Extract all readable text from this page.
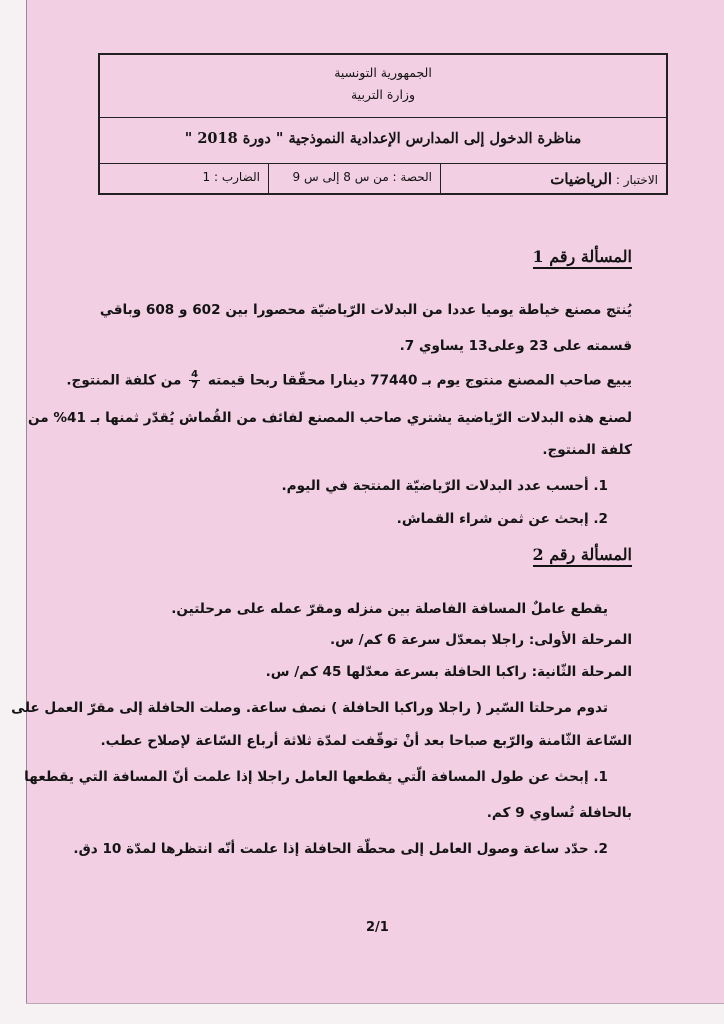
الجمهورية التونسية
وزارة التربية
مناظرة الدخول إلى المدارس الإعدادية النموذجية " دورة 2018 "
الاختبار : الرياضيات
الحصة : من س 8 إلى س 9
الضارب : 1
المسألة رقم 1
يُنتج مصنع خياطة يوميا عددا من البدلات الرّياضيّة محصورا بين 602 و 608 وباقي
قسمته على 23 وعلى13 يساوي 7.
يبيع صاحب المصنع منتوج يوم بـ 77440 دينارا محقّقا ربحا قيمته
$\frac{4}{7}$
من كلفة المنتوج.
لصنع هذه البدلات الرّياضية يشتري صاحب المصنع لفائف من القُماش يُقدّر ثمنها بـ 41% من
كلفة المنتوج.
1. أحسب عدد البدلات الرّياضيّة المنتجة في اليوم.
2. إبحث عن ثمن شراء القماش.
المسألة رقم 2
يقطع عاملٌ المسافة الفاصلة بين منزله ومقرّ عمله على مرحلتين.
المرحلة الأولى: راجلا بمعدّل سرعة 6 كم/ س.
المرحلة الثّانية: راكبا الحافلة بسرعة معدّلها 45 كم/ س.
تدوم مرحلتا السّير ( راجلا وراكبا الحافلة ) نصف ساعة. وصلت الحافلة إلى مقرّ العمل على
السّاعة الثّامنة والرّبع صباحا بعد أنْ توقّفت لمدّة ثلاثة أرباع السّاعة لإصلاح عطب.
1. إبحث عن طول المسافة الّتي يقطعها العامل راجلا إذا علمت أنّ المسافة التي يقطعها
بالحافلة تُساوي 9 كم.
2. حدّد ساعة وصول العامل إلى محطّة الحافلة إذا علمت أنّه انتظرها لمدّة 10 دق.
2/1
